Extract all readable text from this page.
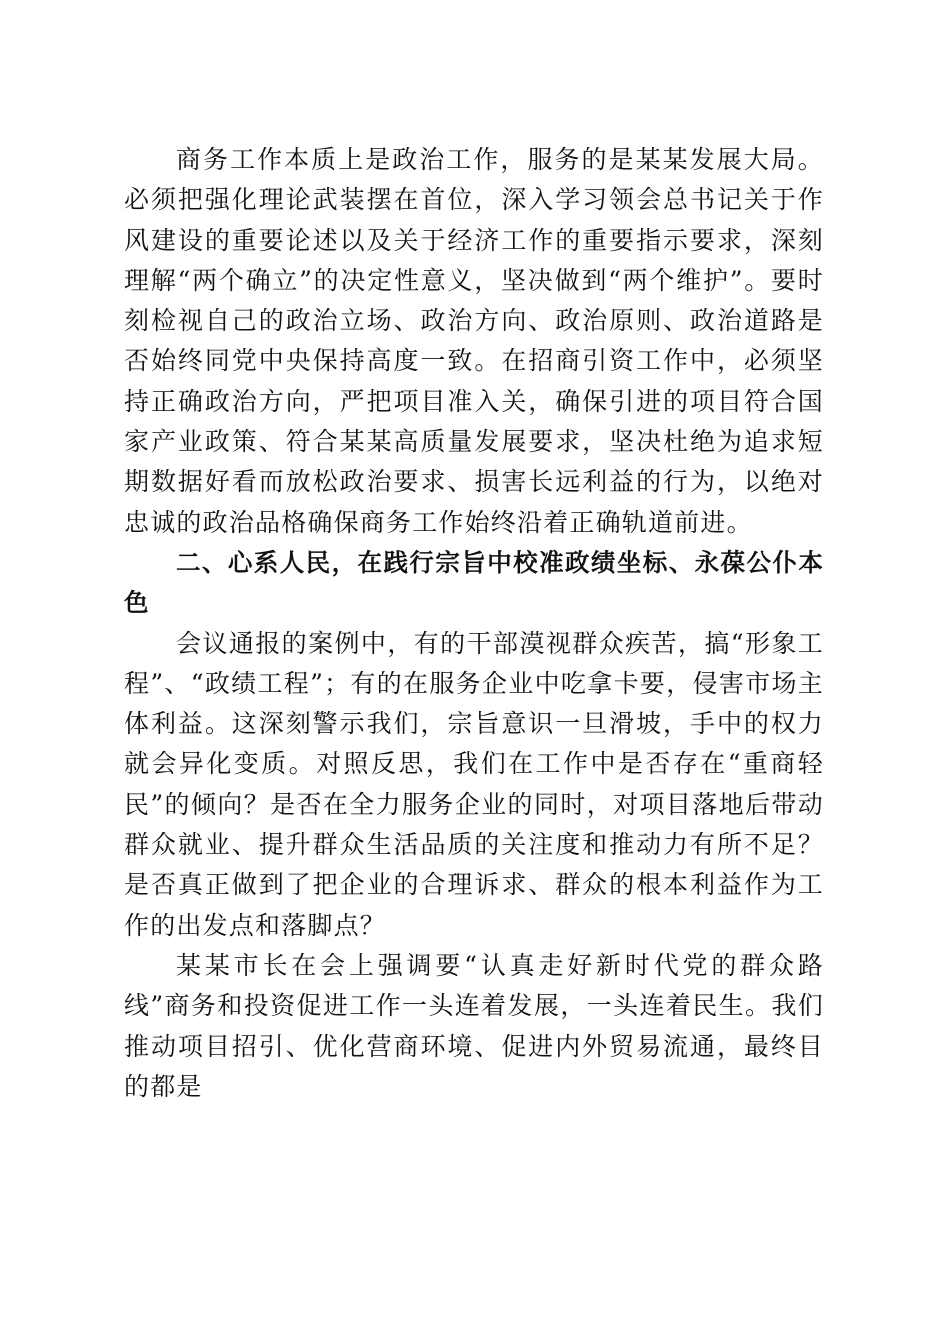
商务工作本质上是政治工作，服务的是某某发展大局。必须把强化理论武装摆在首位，深入学习领会总书记关于作风建设的重要论述以及关于经济工作的重要指示要求，深刻理解“两个确立”的决定性意义，坚决做到“两个维护”。要时刻检视自己的政治立场、政治方向、政治原则、政治道路是否始终同党中央保持高度一致。在招商引资工作中，必须坚持正确政治方向，严把项目准入关，确保引进的项目符合国家产业政策、符合某某高质量发展要求，坚决杜绝为追求短期数据好看而放松政治要求、损害长远利益的行为，以绝对忠诚的政治品格确保商务工作始终沿着正确轨道前进。

二、心系人民，在践行宗旨中校准政绩坐标、永葆公仆本色

会议通报的案例中，有的干部漠视群众疾苦，搞“形象工程”、“政绩工程”；有的在服务企业中吃拿卡要，侵害市场主体利益。这深刻警示我们，宗旨意识一旦滑坡，手中的权力就会异化变质。对照反思，我们在工作中是否存在“重商轻民”的倾向？是否在全力服务企业的同时，对项目落地后带动群众就业、提升群众生活品质的关注度和推动力有所不足？是否真正做到了把企业的合理诉求、群众的根本利益作为工作的出发点和落脚点？

某某市长在会上强调要“认真走好新时代党的群众路线”商务和投资促进工作一头连着发展，一头连着民生。我们推动项目招引、优化营商环境、促进内外贸易流通，最终目的都是
